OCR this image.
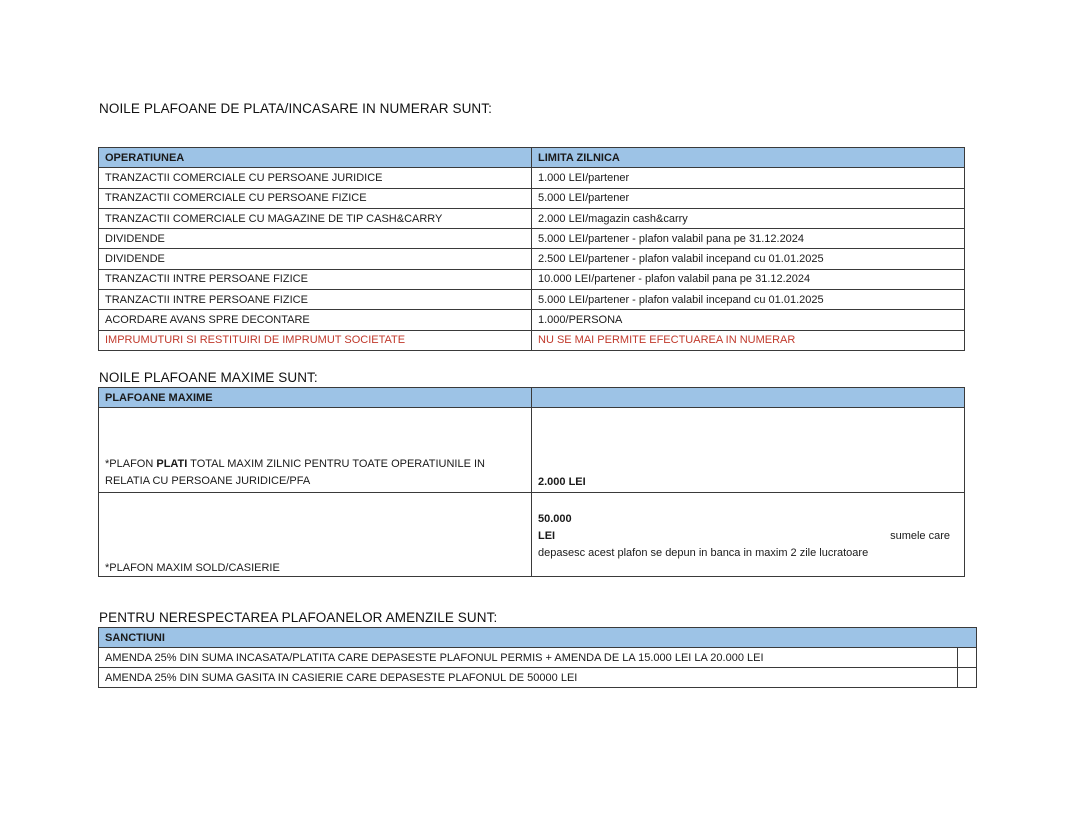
NOILE PLAFOANE DE PLATA/INCASARE IN NUMERAR SUNT:
OPERATIUNEA	LIMITA ZILNICA
TRANZACTII COMERCIALE CU PERSOANE JURIDICE	1.000 LEI/partener
TRANZACTII COMERCIALE CU PERSOANE FIZICE	5.000 LEI/partener
TRANZACTII COMERCIALE CU MAGAZINE DE TIP CASH&CARRY	2.000 LEI/magazin cash&carry
DIVIDENDE	5.000 LEI/partener - plafon valabil pana pe 31.12.2024
DIVIDENDE	2.500 LEI/partener - plafon valabil incepand cu 01.01.2025
TRANZACTII INTRE PERSOANE FIZICE	10.000 LEI/partener - plafon valabil pana pe 31.12.2024
TRANZACTII INTRE PERSOANE FIZICE	5.000 LEI/partener - plafon valabil incepand cu 01.01.2025
ACORDARE AVANS SPRE DECONTARE	1.000/PERSONA
IMPRUMUTURI SI RESTITUIRI DE IMPRUMUT SOCIETATE	NU SE MAI PERMITE EFECTUAREA IN NUMERAR
NOILE PLAFOANE MAXIME SUNT:
PLAFOANE MAXIME	
*PLAFON PLATI TOTAL MAXIM ZILNIC PENTRU TOATE OPERATIUNILE IN RELATIA CU PERSOANE JURIDICE/PFA	2.000 LEI
*PLAFON MAXIM SOLD/CASIERIE	50.000
LEI sumele care
depasesc acest plafon se depun in banca in maxim 2 zile lucratoare
PENTRU NERESPECTAREA PLAFOANELOR AMENZILE SUNT:
SANCTIUNI	
AMENDA 25% DIN SUMA INCASATA/PLATITA CARE DEPASESTE PLAFONUL PERMIS + AMENDA DE LA 15.000 LEI LA 20.000 LEI	
AMENDA 25% DIN SUMA GASITA IN CASIERIE CARE DEPASESTE PLAFONUL DE 50000 LEI	
